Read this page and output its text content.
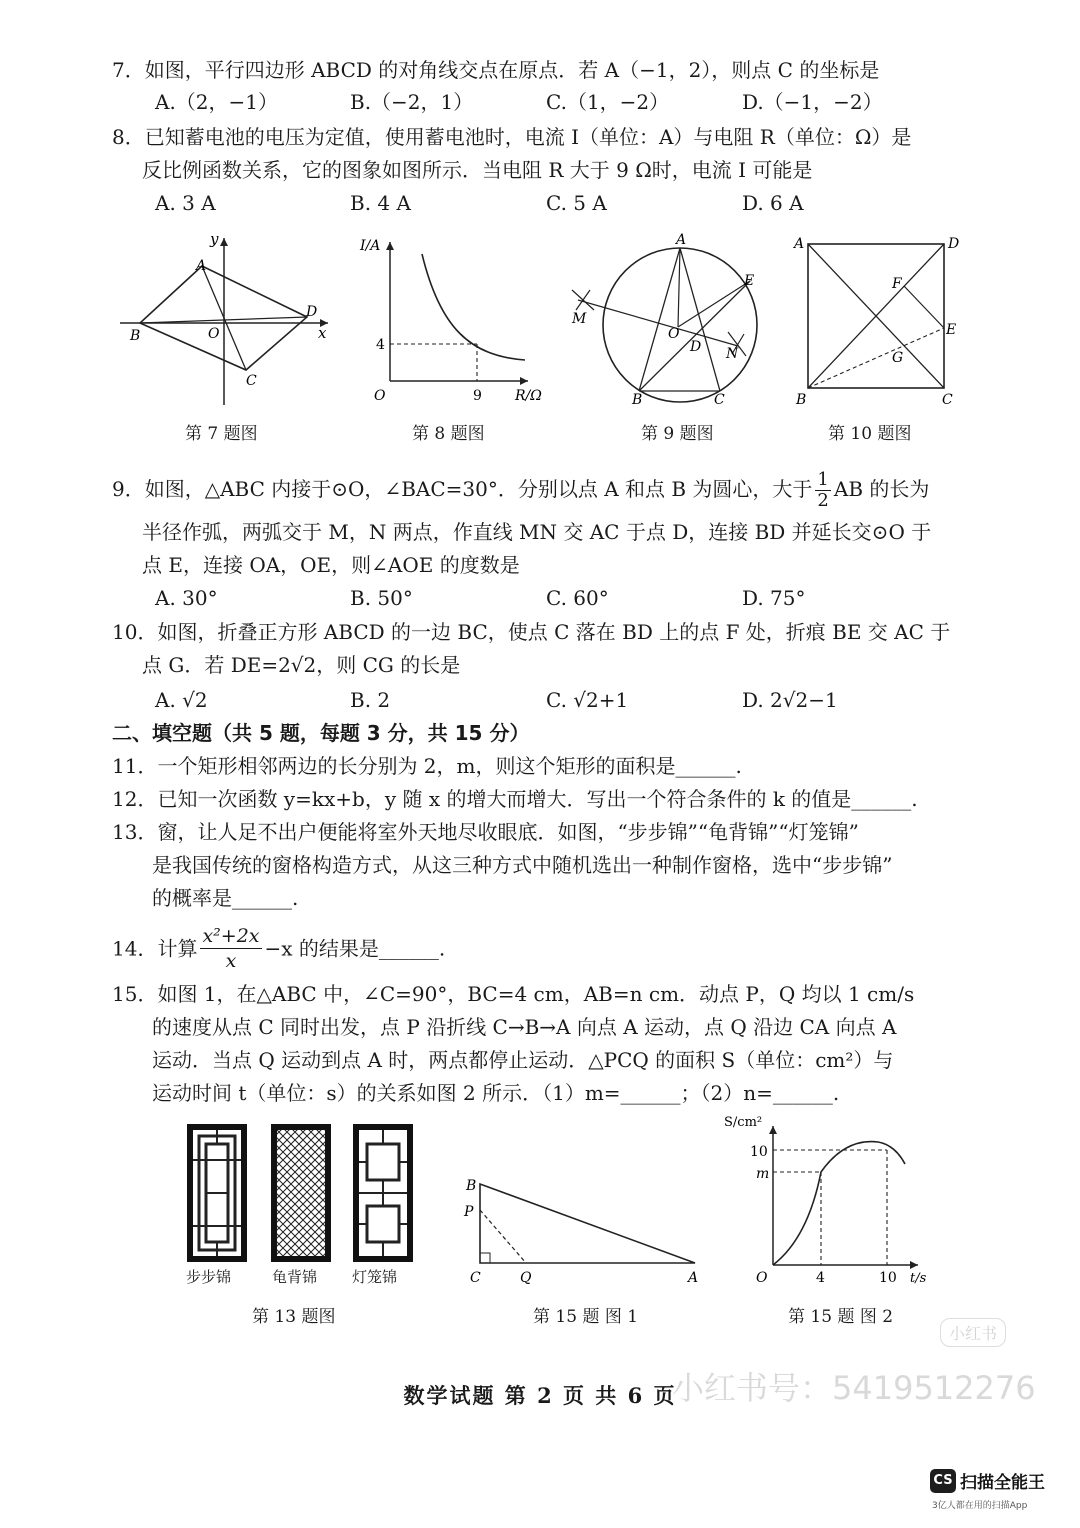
7．如图，平行四边形 ABCD 的对角线交点在原点．若 A（−1，2），则点 C 的坐标是
A.（2，−1）	B.（−2，1）	C.（1，−2）	D.（−1，−2）
8．已知蓄电池的电压为定值，使用蓄电池时，电流 I（单位：A）与电阻 R（单位：Ω）是
反比例函数关系，它的图象如图所示．当电阻 R 大于 9 Ω时，电流 I 可能是
A. 3 A	B. 4 A	C. 5 A	D. 6 A
y
x
A
B
C
D
O
第 7 题图
I/A
R/Ω
O	9
4
第 8 题图
A
B	C
D
E
O
M
N
第 9 题图
A	D
B	C
E
F
G
第 10 题图
9．如图，△ABC 内接于⊙O，∠BAC=30°．分别以点 A 和点 B 为圆心，大于 $\frac{1}{2}$ AB 的长为
半径作弧，两弧交于 M，N 两点，作直线 MN 交 AC 于点 D，连接 BD 并延长交⊙O 于
点 E，连接 OA，OE，则∠AOE 的度数是
A. 30°	B. 50°	C. 60°	D. 75°
10．如图，折叠正方形 ABCD 的一边 BC，使点 C 落在 BD 上的点 F 处，折痕 BE 交 AC 于
点 G．若 DE=2√2，则 CG 的长是
A. √2	B. 2	C. √2+1	D. 2√2−1
二、填空题（共 5 题，每题 3 分，共 15 分）
11．一个矩形相邻两边的长分别为 2，m，则这个矩形的面积是______.
12．已知一次函数 y=kx+b，y 随 x 的增大而增大．写出一个符合条件的 k 的值是______.
13．窗，让人足不出户便能将室外天地尽收眼底．如图，“步步锦”“龟背锦”“灯笼锦”
是我国传统的窗格构造方式，从这三种方式中随机选出一种制作窗格，选中“步步锦”
的概率是______.
14．计算 $\frac{\text{x²+2x}}{x} -x$ 的结果是______.
15．如图 1，在△ABC 中，∠C=90°，BC=4 cm，AB=n cm．动点 P，Q 均以 1 cm/s
的速度从点 C 同时出发，点 P 沿折线 C→B→A 向点 A 运动，点 Q 沿边 CA 向点 A
运动．当点 Q 运动到点 A 时，两点都停止运动．△PCQ 的面积 S（单位：cm²）与
运动时间 t（单位：s）的关系如图 2 所示．（1）m=______；（2）n=______.
步步锦	龟背锦 灯笼锦
第 13 题图
B
P
C	Q	A
第 15 题 图 1
S/cm²
10
m
O	4	10 t/s
第 15 题 图 2
小红书
小红书号：5419512276
数学试题 第 2 页 共 6 页
CS 扫描全能王
3亿人都在用的扫描App
